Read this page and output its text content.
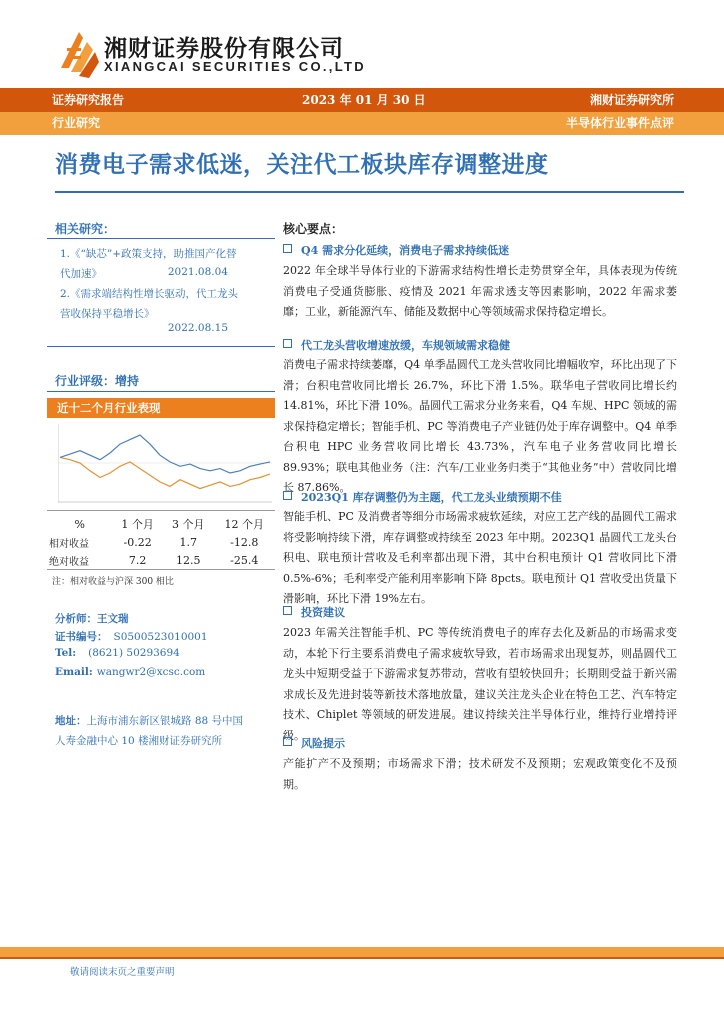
湘财证券股份有限公司
XIANGCAI SECURITIES CO.,LTD
证券研究报告	2023 年 01 月 30 日	湘财证券研究所
行业研究	半导体行业事件点评
消费电子需求低迷，关注代工板块库存调整进度
相关研究：
1.《“缺芯”+政策支持，助推国产化替代加速》	2021.08.04
2.《需求端结构性增长驱动，代工龙头营收保持平稳增长》
2022.08.15
行业评级：增持
近十二个月行业表现
%	1 个月	3 个月	12 个月
相对收益	-0.22	1.7	-12.8
绝对收益	7.2	12.5	-25.4
注：相对收益与沪深 300 相比
分析师：王文瑞
证书编号： S0500523010001
Tel: (8621) 50293694
Email: wangwr2@xcsc.com
地址：上海市浦东新区银城路 88 号中国人寿金融中心 10 楼湘财证券研究所
核心要点：
Q4 需求分化延续，消费电子需求持续低迷
2022 年全球半导体行业的下游需求结构性增长走势贯穿全年，具体表现为传统消费电子受通货膨胀、疫情及 2021 年需求透支等因素影响，2022 年需求萎靡；工业，新能源汽车、储能及数据中心等领域需求保持稳定增长。
代工龙头营收增速放缓，车规领域需求稳健
消费电子需求持续萎靡，Q4 单季晶圆代工龙头营收同比增幅收窄，环比出现了下滑；台积电营收同比增长 26.7%，环比下滑 1.5%。联华电子营收同比增长约 14.81%，环比下滑 10%。晶圆代工需求分业务来看，Q4 车规、HPC 领域的需求保持稳定增长；智能手机、PC 等消费电子产业链仍处于库存调整中。Q4 单季台积电 HPC 业务营收同比增长 43.73%，汽车电子业务营收同比增长 89.93%；联电其他业务（注：汽车/工业业务归类于“其他业务”中）营收同比增长 87.86%。
2023Q1 库存调整仍为主题，代工龙头业绩预期不佳
智能手机、PC 及消费者等细分市场需求疲软延续，对应工艺产线的晶圆代工需求将受影响持续下滑，库存调整或持续至 2023 年中期。2023Q1 晶圆代工龙头台积电、联电预计营收及毛利率都出现下滑，其中台积电预计 Q1 营收同比下滑 0.5%-6%；毛利率受产能利用率影响下降 8pcts。联电预计 Q1 营收受出货量下滑影响，环比下滑 19%左右。
投资建议
2023 年需关注智能手机、PC 等传统消费电子的库存去化及新品的市场需求变动，本轮下行主要系消费电子需求疲软导致，若市场需求出现复苏，则晶圆代工龙头中短期受益于下游需求复苏带动，营收有望较快回升；长期則受益于新兴需求成长及先进封装等新技术落地放量，建议关注龙头企业在特色工艺、汽车特定技术、Chiplet 等领域的研发进展。建议持续关注半导体行业，维持行业增持评级。
风险提示
产能扩产不及预期；市场需求下滑；技术研发不及预期；宏观政策变化不及预期。
敬请阅读末页之重要声明
